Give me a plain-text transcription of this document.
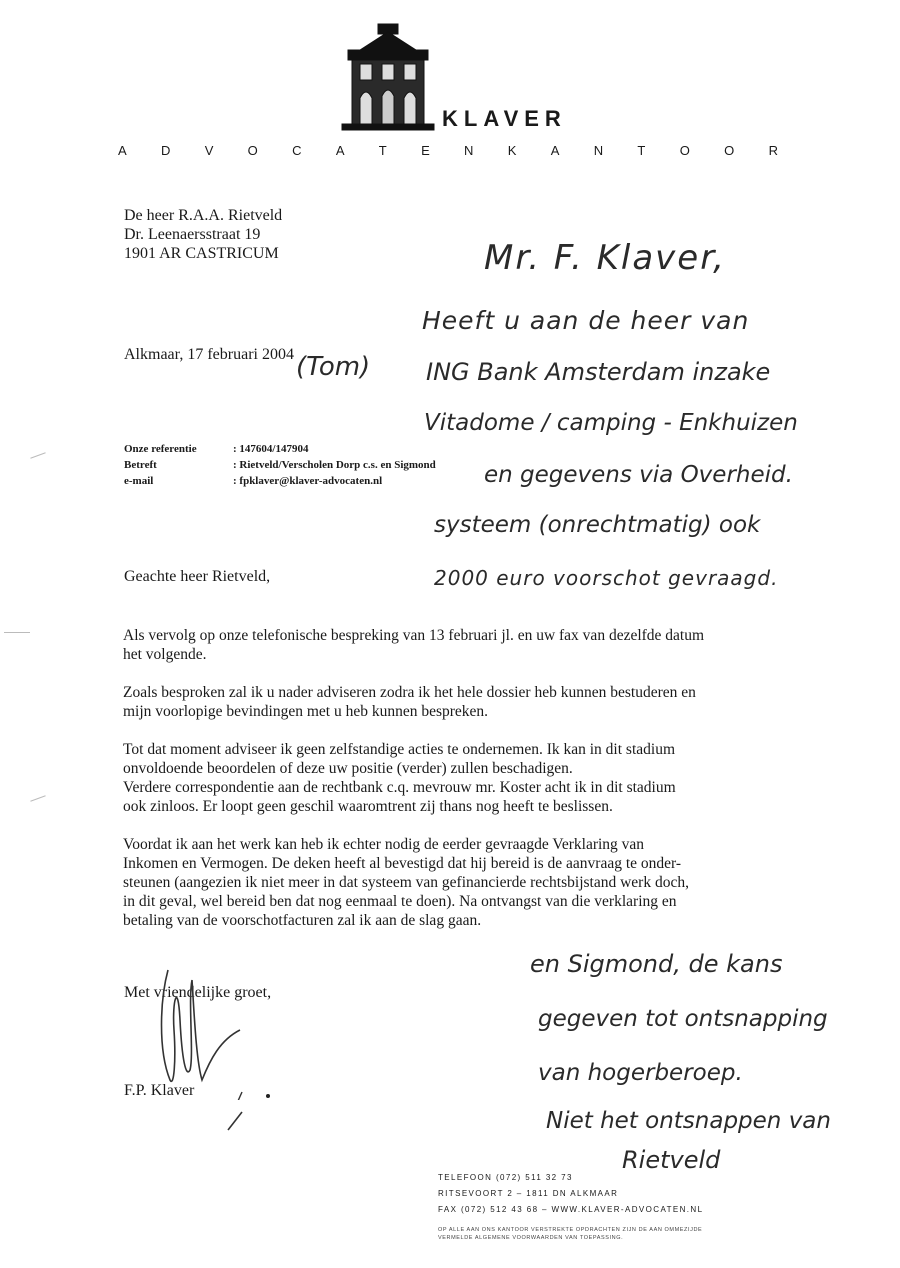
KLAVER
A	D	V	O	C	A	T	E	N	K	A	N	T	O	O	R
De heer R.A.A. Rietveld
Dr. Leenaersstraat 19
1901 AR CASTRICUM
Alkmaar, 17 februari 2004
Onze referentie	: 147604/147904
Betreft	: Rietveld/Verscholen Dorp c.s. en Sigmond
e-mail	: fpklaver@klaver-advocaten.nl
Geachte heer Rietveld,

Als vervolg op onze telefonische bespreking van 13 februari jl. en uw fax van dezelfde datum
het volgende.

Zoals besproken zal ik u nader adviseren zodra ik het hele dossier heb kunnen bestuderen en
mijn voorlopige bevindingen met u heb kunnen bespreken.

Tot dat moment adviseer ik geen zelfstandige acties te ondernemen. Ik kan in dit stadium
onvoldoende beoordelen of deze uw positie (verder) zullen beschadigen.
Verdere correspondentie aan de rechtbank c.q. mevrouw mr. Koster acht ik in dit stadium
ook zinloos. Er loopt geen geschil waaromtrent zij thans nog heeft te beslissen.

Voordat ik aan het werk kan heb ik echter nodig de eerder gevraagde Verklaring van
Inkomen en Vermogen. De deken heeft al bevestigd dat hij bereid is de aanvraag te onder-
steunen (aangezien ik niet meer in dat systeem van gefinancierde rechtsbijstand werk doch,
in dit geval, wel bereid ben dat nog eenmaal te doen). Na ontvangst van die verklaring en
betaling van de voorschotfacturen zal ik aan de slag gaan.

Met vriendelijke groet,
F.P. Klaver
Mr. F. Klaver,
Heeft u aan de heer van
ING Bank Amsterdam inzake
Vitadome / camping - Enkhuizen
en gegevens via Overheid.
systeem (onrechtmatig) ook
2000 euro voorschot gevraagd.
(Tom)
en Sigmond, de kans
gegeven tot ontsnapping
van hogerberoep.
Niet het ontsnappen van
Rietveld
TELEFOON (072) 511 32 73
RITSEVOORT 2 – 1811 DN ALKMAAR
FAX (072) 512 43 68 – WWW.KLAVER-ADVOCATEN.NL
OP ALLE AAN ONS KANTOOR VERSTREKTE OPDRACHTEN ZIJN DE AAN OMMEZIJDE
VERMELDE ALGEMENE VOORWAARDEN VAN TOEPASSING.
